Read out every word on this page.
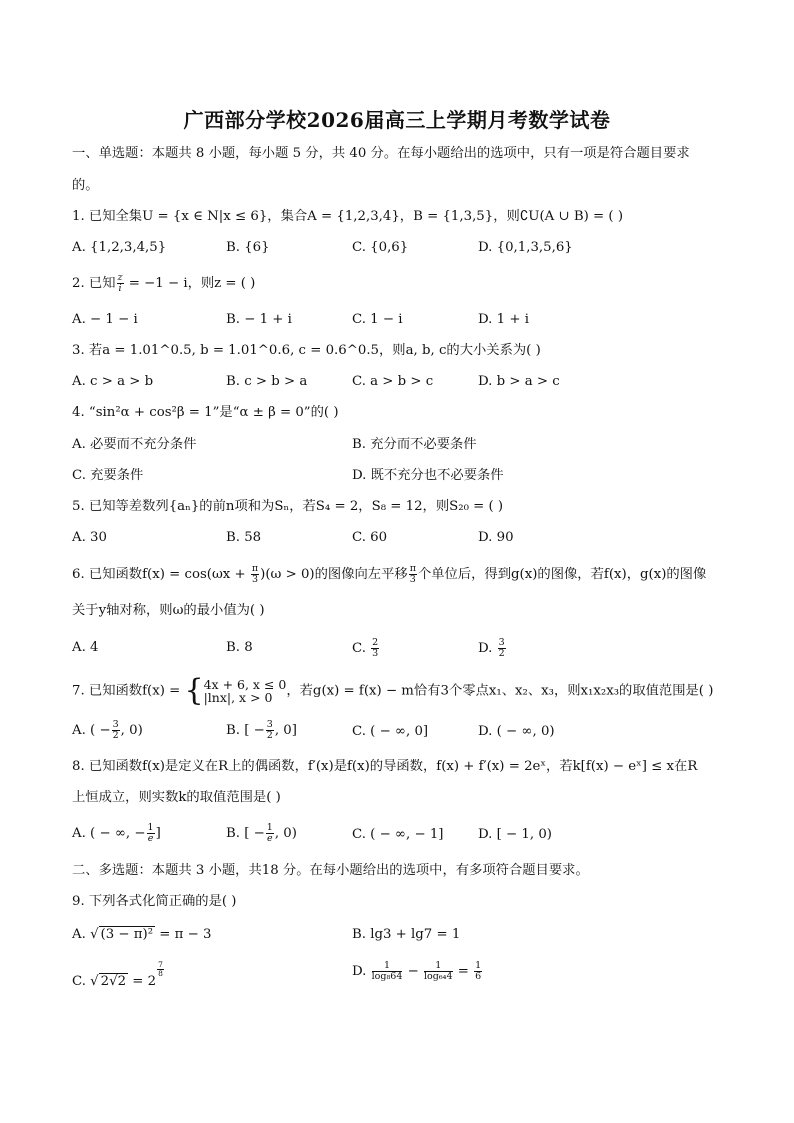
广西部分学校2026届高三上学期月考数学试卷
一、单选题：本题共 8 小题，每小题 5 分，共 40 分。在每小题给出的选项中，只有一项是符合题目要求
的。
1. 已知全集U = {x ∈ N|x ≤ 6}，集合A = {1,2,3,4}，B = {1,3,5}，则∁U(A ∪ B) = ( )
A. {1,2,3,4,5}	B. {6}	C. {0,6}	D. {0,1,3,5,6}
2. 已知 $\frac{z}{i} = -1 - i$，则z = ( )
A. − 1 − i	B. − 1 + i	C. 1 − i	D. 1 + i
3. 若a = 1.01^0.5, b = 1.01^0.6, c = 0.6^0.5，则a, b, c的大小关系为( )
A. c > a > b	B. c > b > a	C. a > b > c	D. b > a > c
4. “sin²α + cos²β = 1”是“α ± β = 0”的( )
A. 必要而不充分条件	B. 充分而不必要条件
C. 充要条件	D. 既不充分也不必要条件
5. 已知等差数列{aₙ}的前n项和为Sₙ，若S₄ = 2，S₈ = 12，则S₂₀ = ( )
A. 30	B. 58	C. 60	D. 90
6. 已知函数$f(x) = \cos(\omega x + \frac{\pi}{3} )(\omega > 0)$的图像向左平移 $\frac{\pi}{3}$ 个单位后，得到g(x)的图像，若f(x)，g(x)的图像
关于y轴对称，则ω的最小值为( )
A. 4	B. 8	C. $\frac{2}{3}$	D. $\frac{3}{2}$
7. 已知函数f(x) = { 4x + 6, x ≤ 0
|lnx|, x > 0	，若g(x) = f(x) − m恰有3个零点x₁、x₂、x₃，则x₁x₂x₃的取值范围是( )
A. ( − $\frac{3}{2}$ , 0)	B. [ − $\frac{3}{2}$ , 0]	C. ( − ∞, 0]	D. ( − ∞, 0)
8. 已知函数f(x)是定义在R上的偶函数，f′(x)是f(x)的导函数，f(x) + f′(x) = 2eˣ，若k[f(x) − eˣ] ≤ x在R
上恒成立，则实数k的取值范围是( )
A. ( − ∞, − $\frac{1}{e}$ ]	B. [ − $\frac{1}{e}$ , 0)	C. ( − ∞, − 1]	D. [ − 1, 0)
二、多选题：本题共 3 小题，共18 分。在每小题给出的选项中，有多项符合题目要求。
9. 下列各式化简正确的是( )
A. √ (3 − π)² = π − 3	B. lg3 + lg7 = 1
C. √ 2√2 = 2
$\frac{7}{8}$	D. $\frac{1}{\text{log₈64}} - \frac{1}{\text{log₆₄4}} = \frac{1}{6}$
